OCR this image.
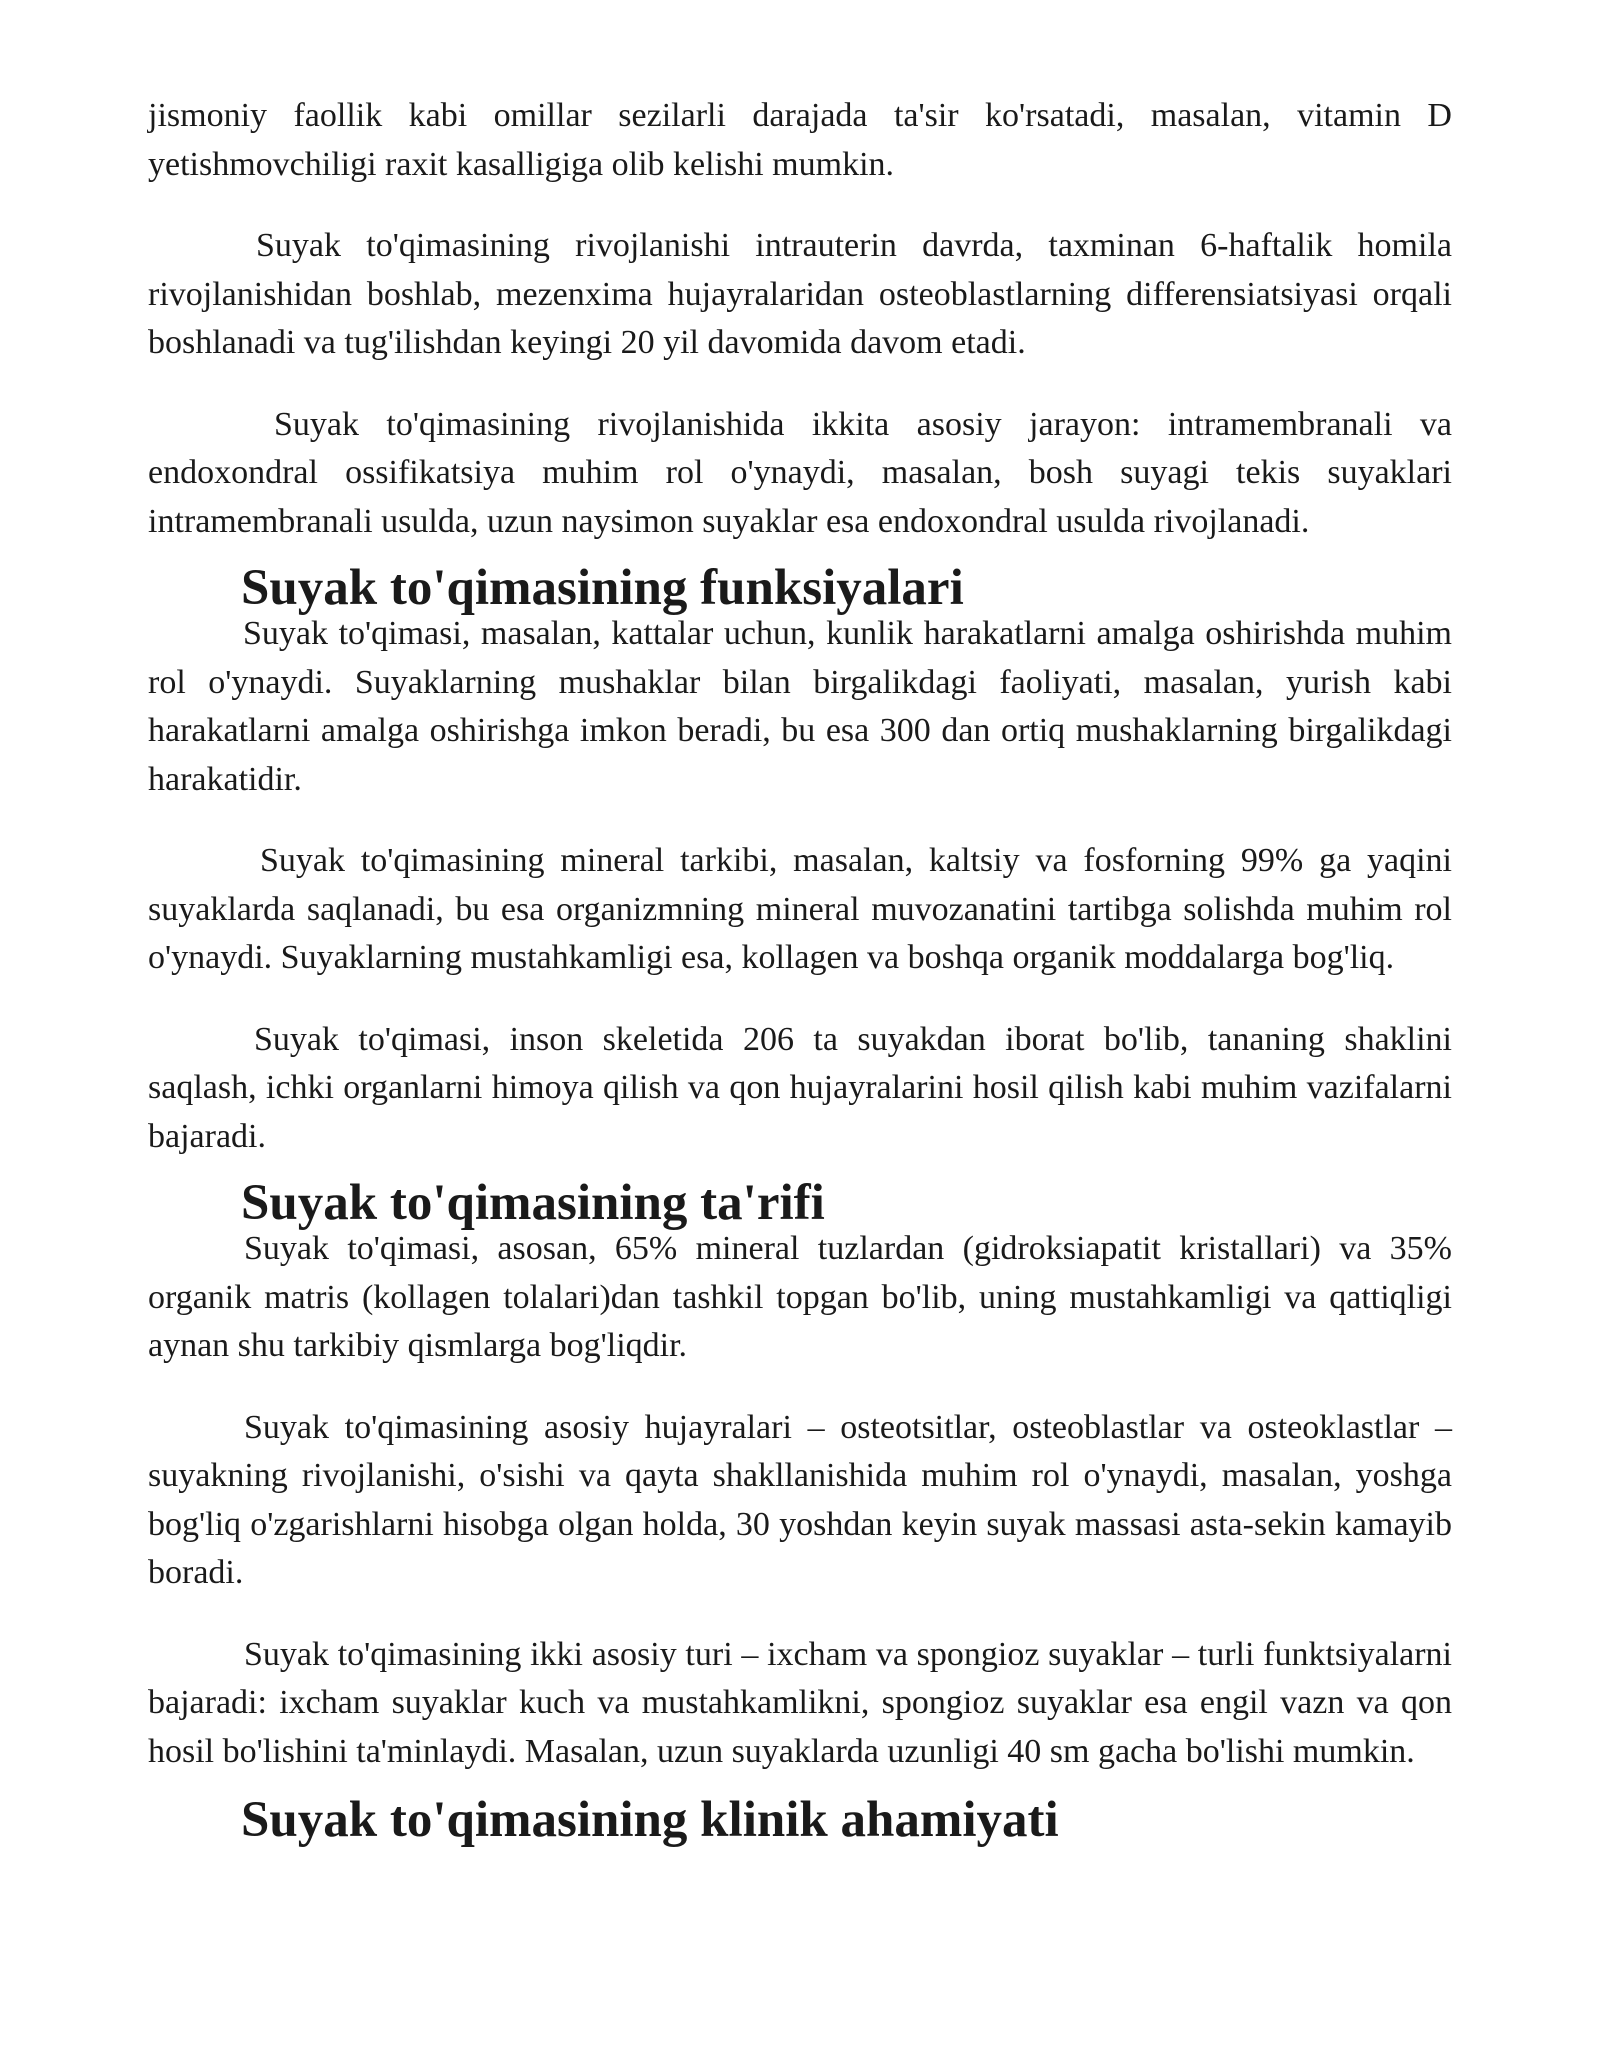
jismoniy faollik kabi omillar sezilarli darajada ta'sir ko'rsatadi, masalan, vitamin D yetishmovchiligi raxit kasalligiga olib kelishi mumkin.

Suyak to'qimasining rivojlanishi intrauterin davrda, taxminan 6-haftalik homila rivojlanishidan boshlab, mezenxima hujayralaridan osteoblastlarning differensiatsiyasi orqali boshlanadi va tug'ilishdan keyingi 20 yil davomida davom etadi.

Suyak to'qimasining rivojlanishida ikkita asosiy jarayon: intramembranali va endoxondral ossifikatsiya muhim rol o'ynaydi, masalan, bosh suyagi tekis suyaklari intramembranali usulda, uzun naysimon suyaklar esa endoxondral usulda rivojlanadi.

Suyak to'qimasining funksiyalari

Suyak to'qimasi, masalan, kattalar uchun, kunlik harakatlarni amalga oshirishda muhim rol o'ynaydi. Suyaklarning mushaklar bilan birgalikdagi faoliyati, masalan, yurish kabi harakatlarni amalga oshirishga imkon beradi, bu esa 300 dan ortiq mushaklarning birgalikdagi harakatidir.

Suyak to'qimasining mineral tarkibi, masalan, kaltsiy va fosforning 99% ga yaqini suyaklarda saqlanadi, bu esa organizmning mineral muvozanatini tartibga solishda muhim rol o'ynaydi. Suyaklarning mustahkamligi esa, kollagen va boshqa organik moddalarga bog'liq.

Suyak to'qimasi, inson skeletida 206 ta suyakdan iborat bo'lib, tananing shaklini saqlash, ichki organlarni himoya qilish va qon hujayralarini hosil qilish kabi muhim vazifalarni bajaradi.

Suyak to'qimasining ta'rifi

Suyak to'qimasi, asosan, 65% mineral tuzlardan (gidroksiapatit kristallari) va 35% organik matris (kollagen tolalari)dan tashkil topgan bo'lib, uning mustahkamligi va qattiqligi aynan shu tarkibiy qismlarga bog'liqdir.

Suyak to'qimasining asosiy hujayralari – osteotsitlar, osteoblastlar va osteoklastlar – suyakning rivojlanishi, o'sishi va qayta shakllanishida muhim rol o'ynaydi, masalan, yoshga bog'liq o'zgarishlarni hisobga olgan holda, 30 yoshdan keyin suyak massasi asta-sekin kamayib boradi.

Suyak to'qimasining ikki asosiy turi – ixcham va spongioz suyaklar – turli funktsiyalarni bajaradi: ixcham suyaklar kuch va mustahkamlikni, spongioz suyaklar esa engil vazn va qon hosil bo'lishini ta'minlaydi. Masalan, uzun suyaklarda uzunligi 40 sm gacha bo'lishi mumkin.

Suyak to'qimasining klinik ahamiyati
